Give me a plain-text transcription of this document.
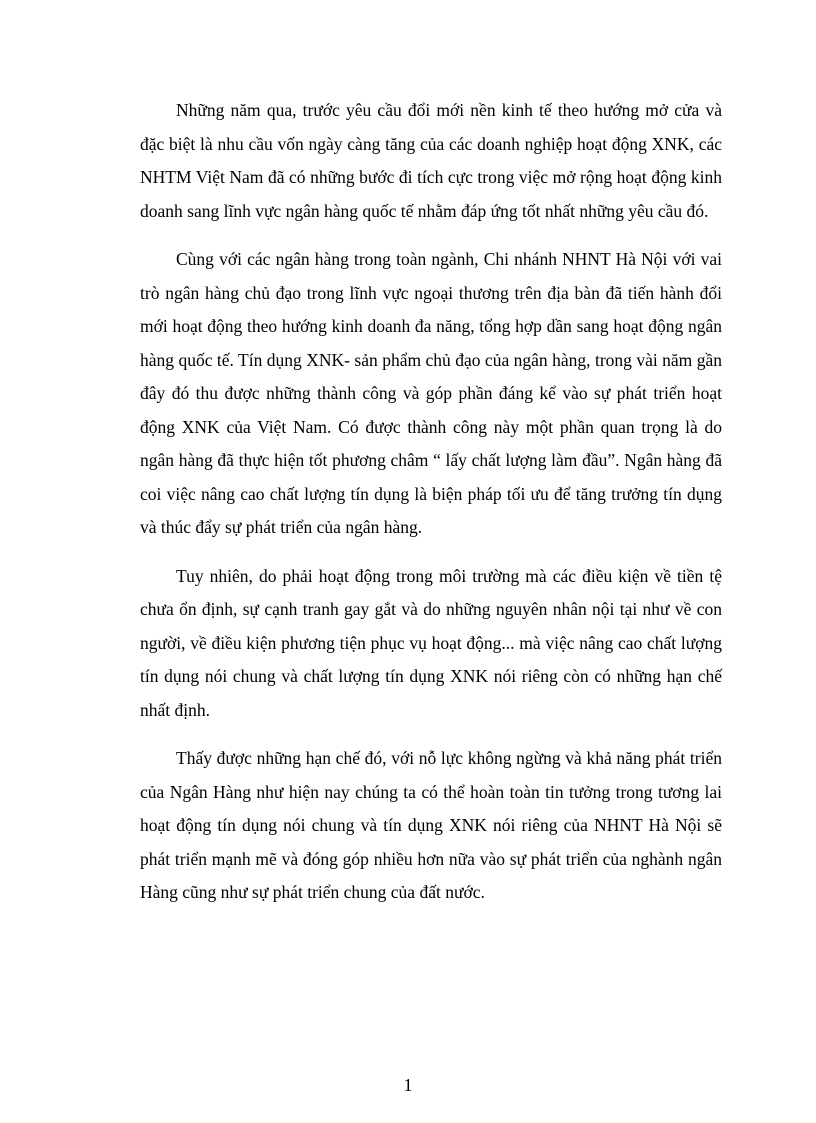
Những năm qua, trước yêu cầu đổi mới nền kinh tế theo hướng mở cửa và đặc biệt là nhu cầu vốn ngày càng tăng của các doanh nghiệp hoạt động XNK, các NHTM Việt Nam đã có những bước đi tích cực trong việc mở rộng hoạt động kinh doanh sang lĩnh vực ngân hàng quốc tế nhằm đáp ứng tốt nhất những yêu cầu đó.

Cùng với các ngân hàng trong toàn ngành, Chi nhánh NHNT Hà Nội với vai trò ngân hàng chủ đạo trong lĩnh vực ngoại thương trên địa bàn đã tiến hành đổi mới hoạt động theo hướng kinh doanh đa năng, tổng hợp dần sang hoạt động ngân hàng quốc tế. Tín dụng XNK- sản phẩm chủ đạo của ngân hàng, trong vài năm gần đây đó thu được những thành công và góp phần đáng kể vào sự phát triển hoạt động XNK của Việt Nam. Có được thành công này một phần quan trọng là do ngân hàng đã thực hiện tốt phương châm “ lấy chất lượng làm đầu”. Ngân hàng đã coi việc nâng cao chất lượng tín dụng là biện pháp tối ưu để tăng trưởng tín dụng và thúc đẩy sự phát triển của ngân hàng.

Tuy nhiên, do phải hoạt động trong môi trường mà các điều kiện về tiền tệ chưa ổn định, sự cạnh tranh gay gắt và do những nguyên nhân nội tại như về con người, về điều kiện phương tiện phục vụ hoạt động... mà việc nâng cao chất lượng tín dụng nói chung và chất lượng tín dụng XNK nói riêng còn có những hạn chế nhất định.

Thấy được những hạn chế đó, với nỗ lực không ngừng và khả năng phát triển của Ngân Hàng như hiện nay chúng ta có thể hoàn toàn tin tưởng trong tương lai hoạt động tín dụng nói chung và tín dụng XNK nói riêng của NHNT Hà Nội sẽ phát triển mạnh mẽ và đóng góp nhiều hơn nữa vào sự phát triển của nghành ngân Hàng cũng như sự phát triển chung của đất nước.

1
